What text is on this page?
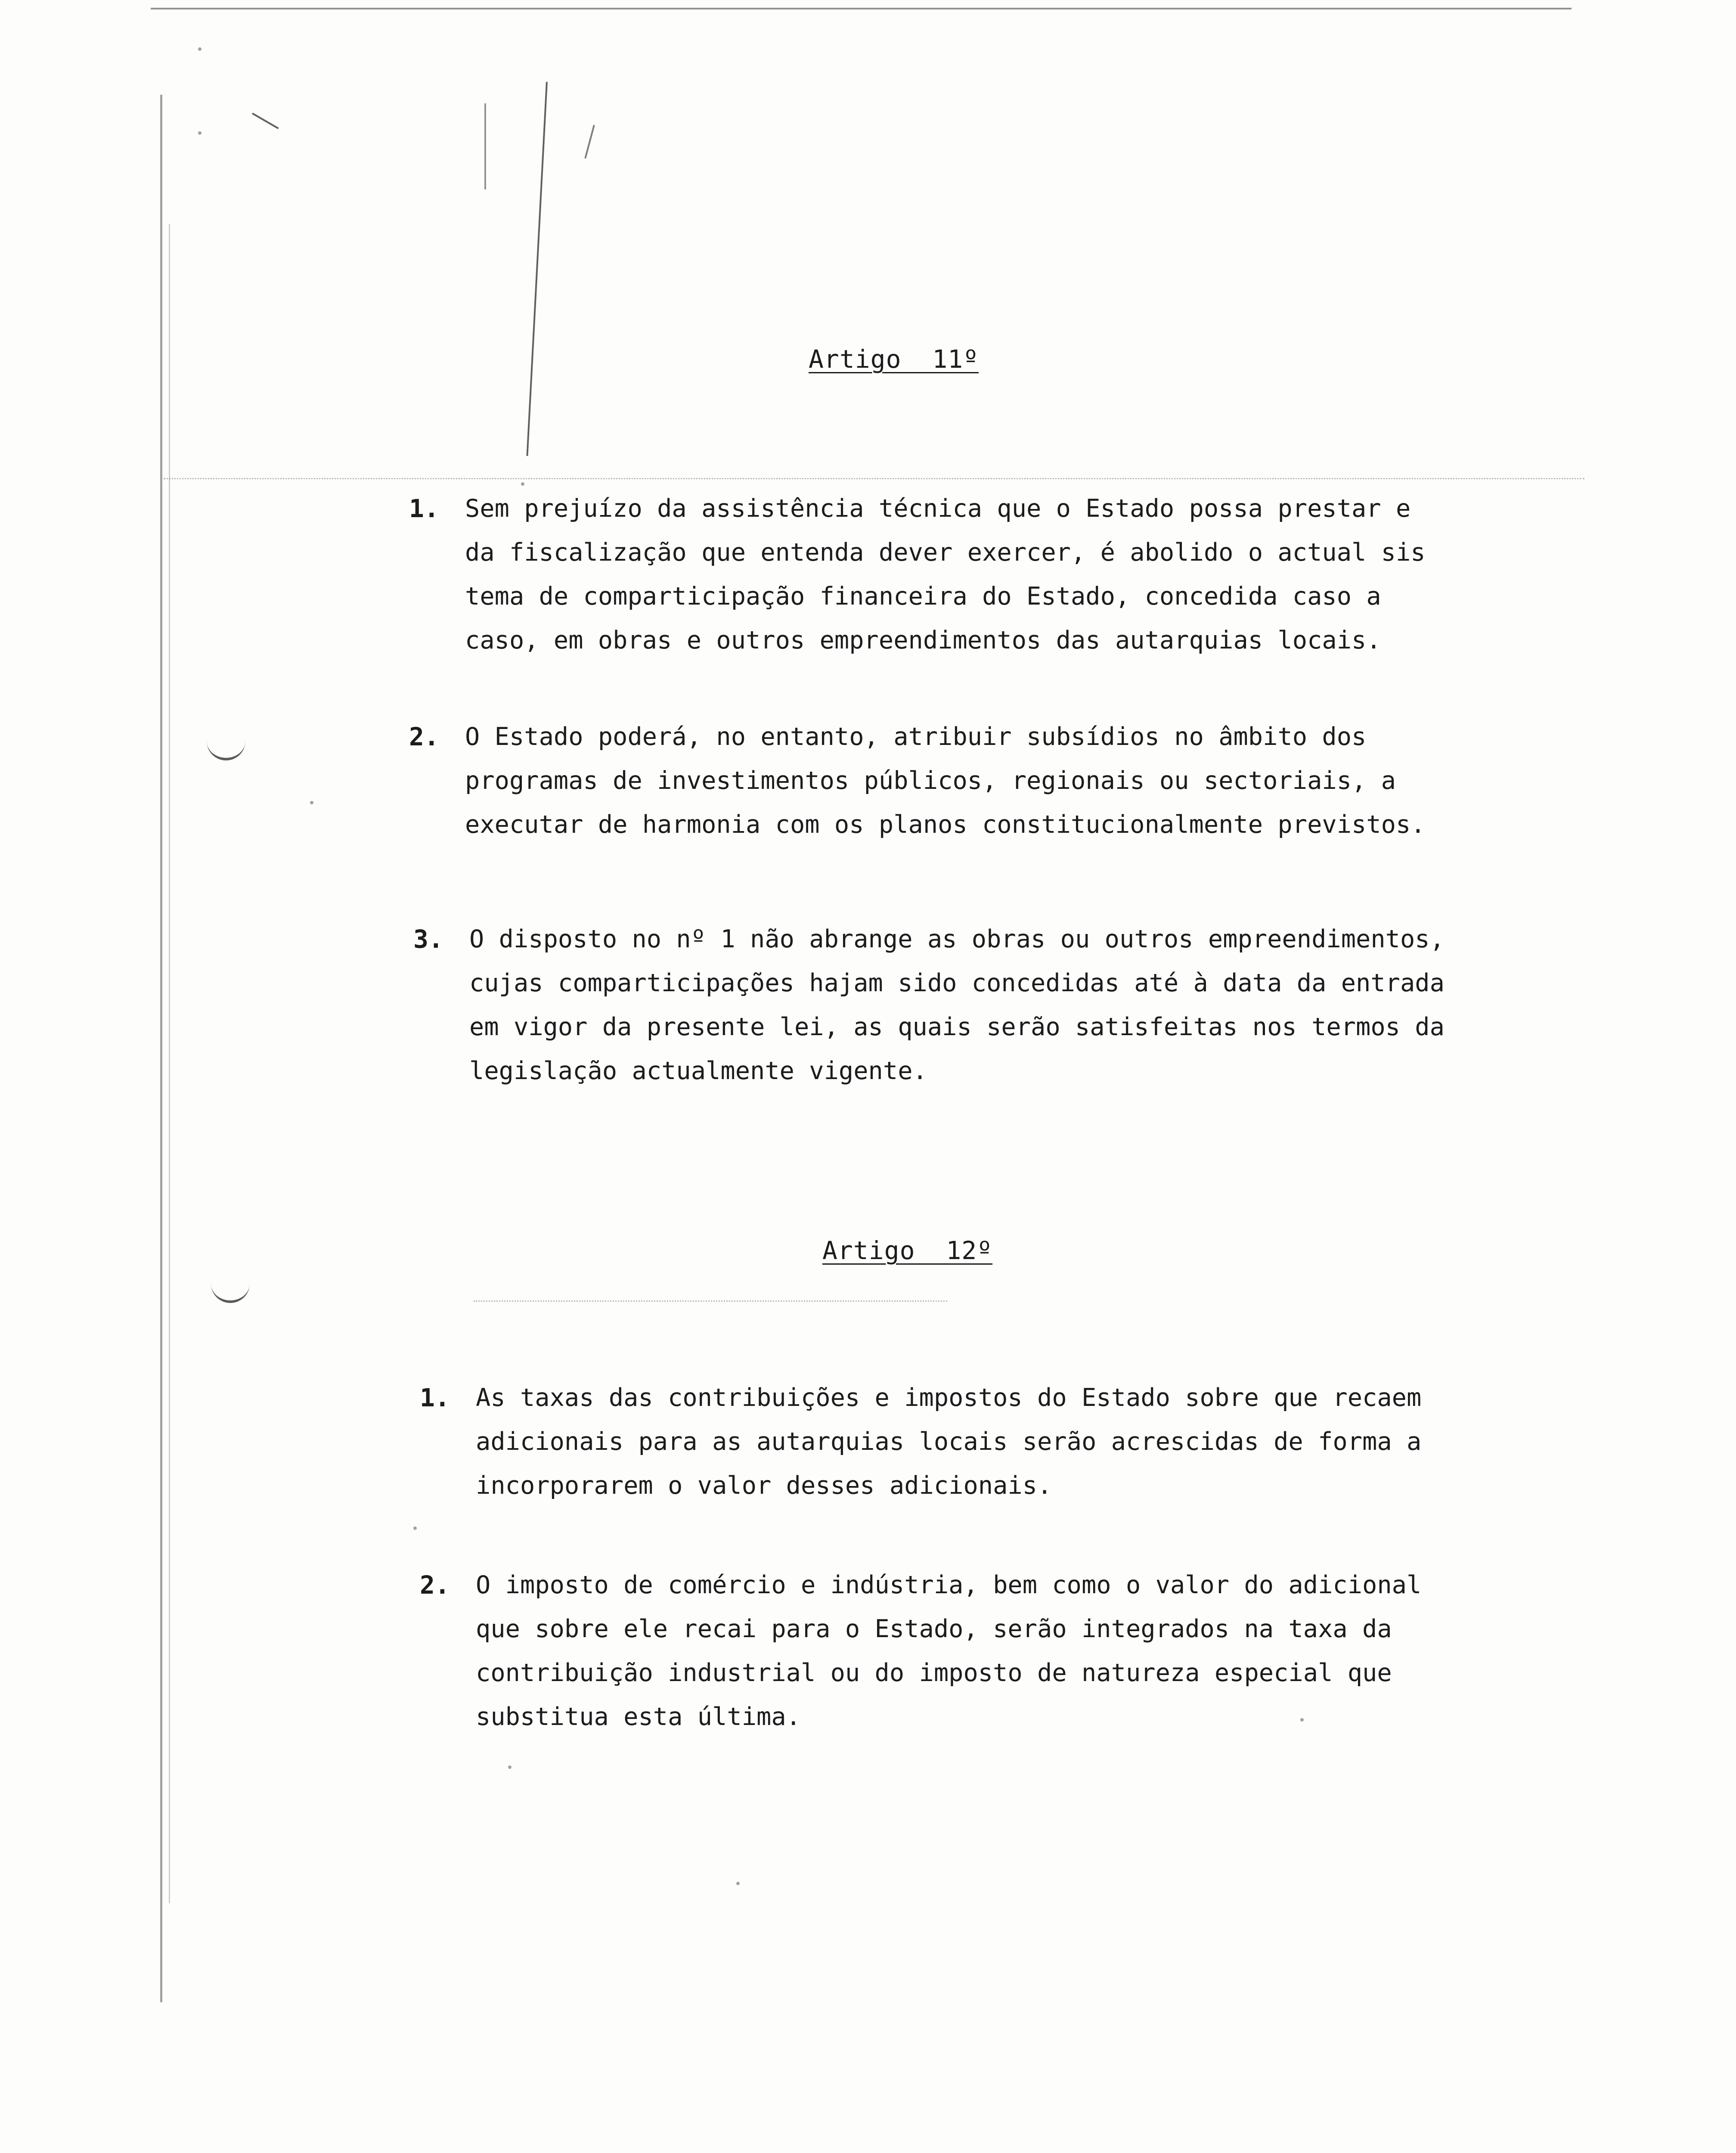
Artigo  11º
1.	Sem prejuízo da assistência técnica que o Estado possa prestar e
da fiscalização que entenda dever exercer, é abolido o actual sis
tema de comparticipação financeira do Estado, concedida caso a
caso, em obras e outros empreendimentos das autarquias locais.
2.	O Estado poderá, no entanto, atribuir subsídios no âmbito dos
programas de investimentos públicos, regionais ou sectoriais, a
executar de harmonia com os planos constitucionalmente previstos.
3.	O disposto no nº 1 não abrange as obras ou outros empreendimentos,
cujas comparticipações hajam sido concedidas até à data da entrada
em vigor da presente lei, as quais serão satisfeitas nos termos da
legislação actualmente vigente.
Artigo  12º
1.	As taxas das contribuições e impostos do Estado sobre que recaem
adicionais para as autarquias locais serão acrescidas de forma a
incorporarem o valor desses adicionais.
2.	O imposto de comércio e indústria, bem como o valor do adicional
que sobre ele recai para o Estado, serão integrados na taxa da
contribuição industrial ou do imposto de natureza especial que
substitua esta última.
